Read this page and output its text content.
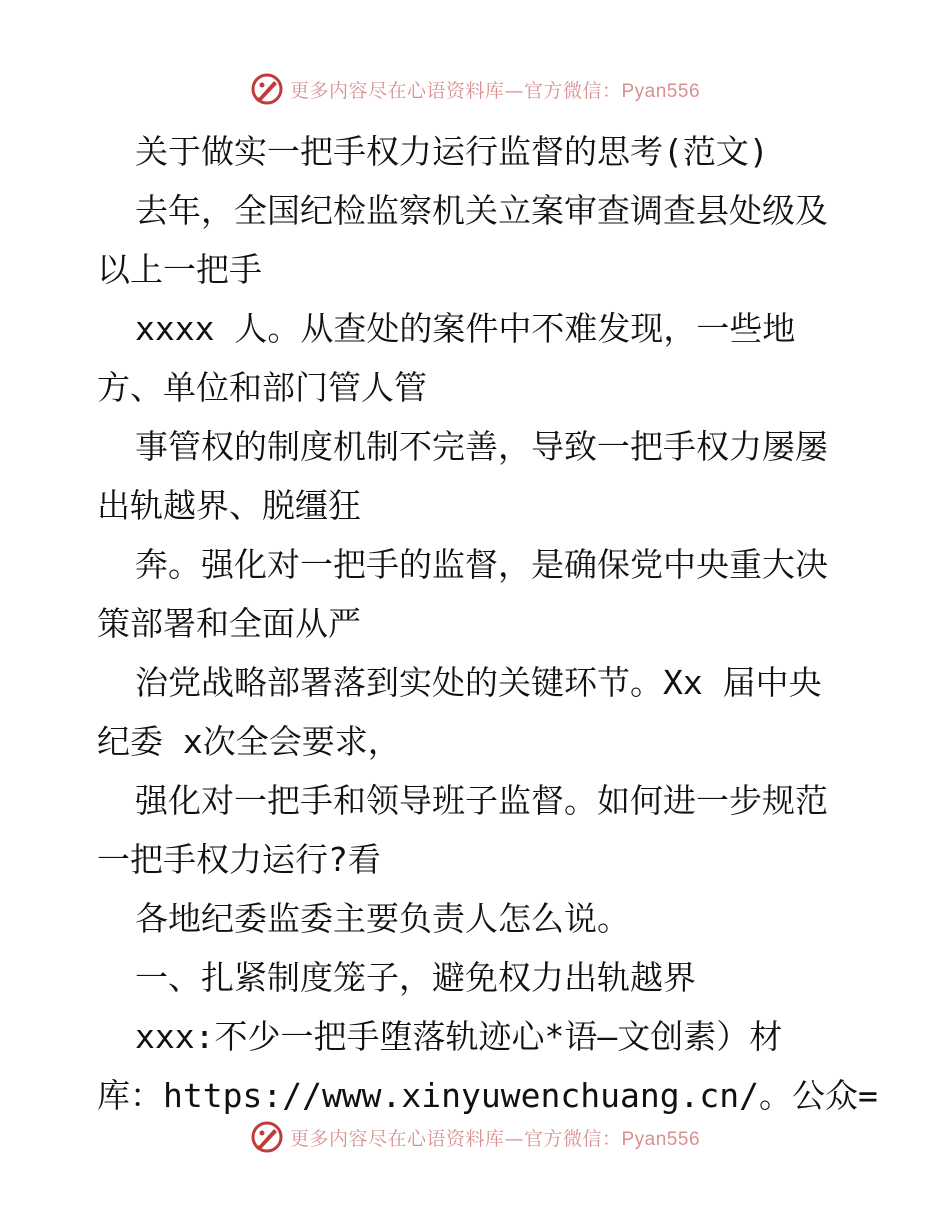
更多内容尽在心语资料库—官方微信：Pyan556
关于做实一把手权力运行监督的思考(范文)
去年，全国纪检监察机关立案审查调查县处级及
以上一把手
xxxx 人。从查处的案件中不难发现，一些地
方、单位和部门管人管
事管权的制度机制不完善，导致一把手权力屡屡
出轨越界、脱缰狂
奔。强化对一把手的监督，是确保党中央重大决
策部署和全面从严
治党战略部署落到实处的关键环节。Xx 届中央
纪委 x次全会要求，
强化对一把手和领导班子监督。如何进一步规范
一把手权力运行?看
各地纪委监委主要负责人怎么说。
一、扎紧制度笼子，避免权力出轨越界
xxx:不少一把手堕落轨迹心*语—文创素）材
库：https://www.xinyuwenchuang.cn/。公众=
更多内容尽在心语资料库—官方微信：Pyan556
